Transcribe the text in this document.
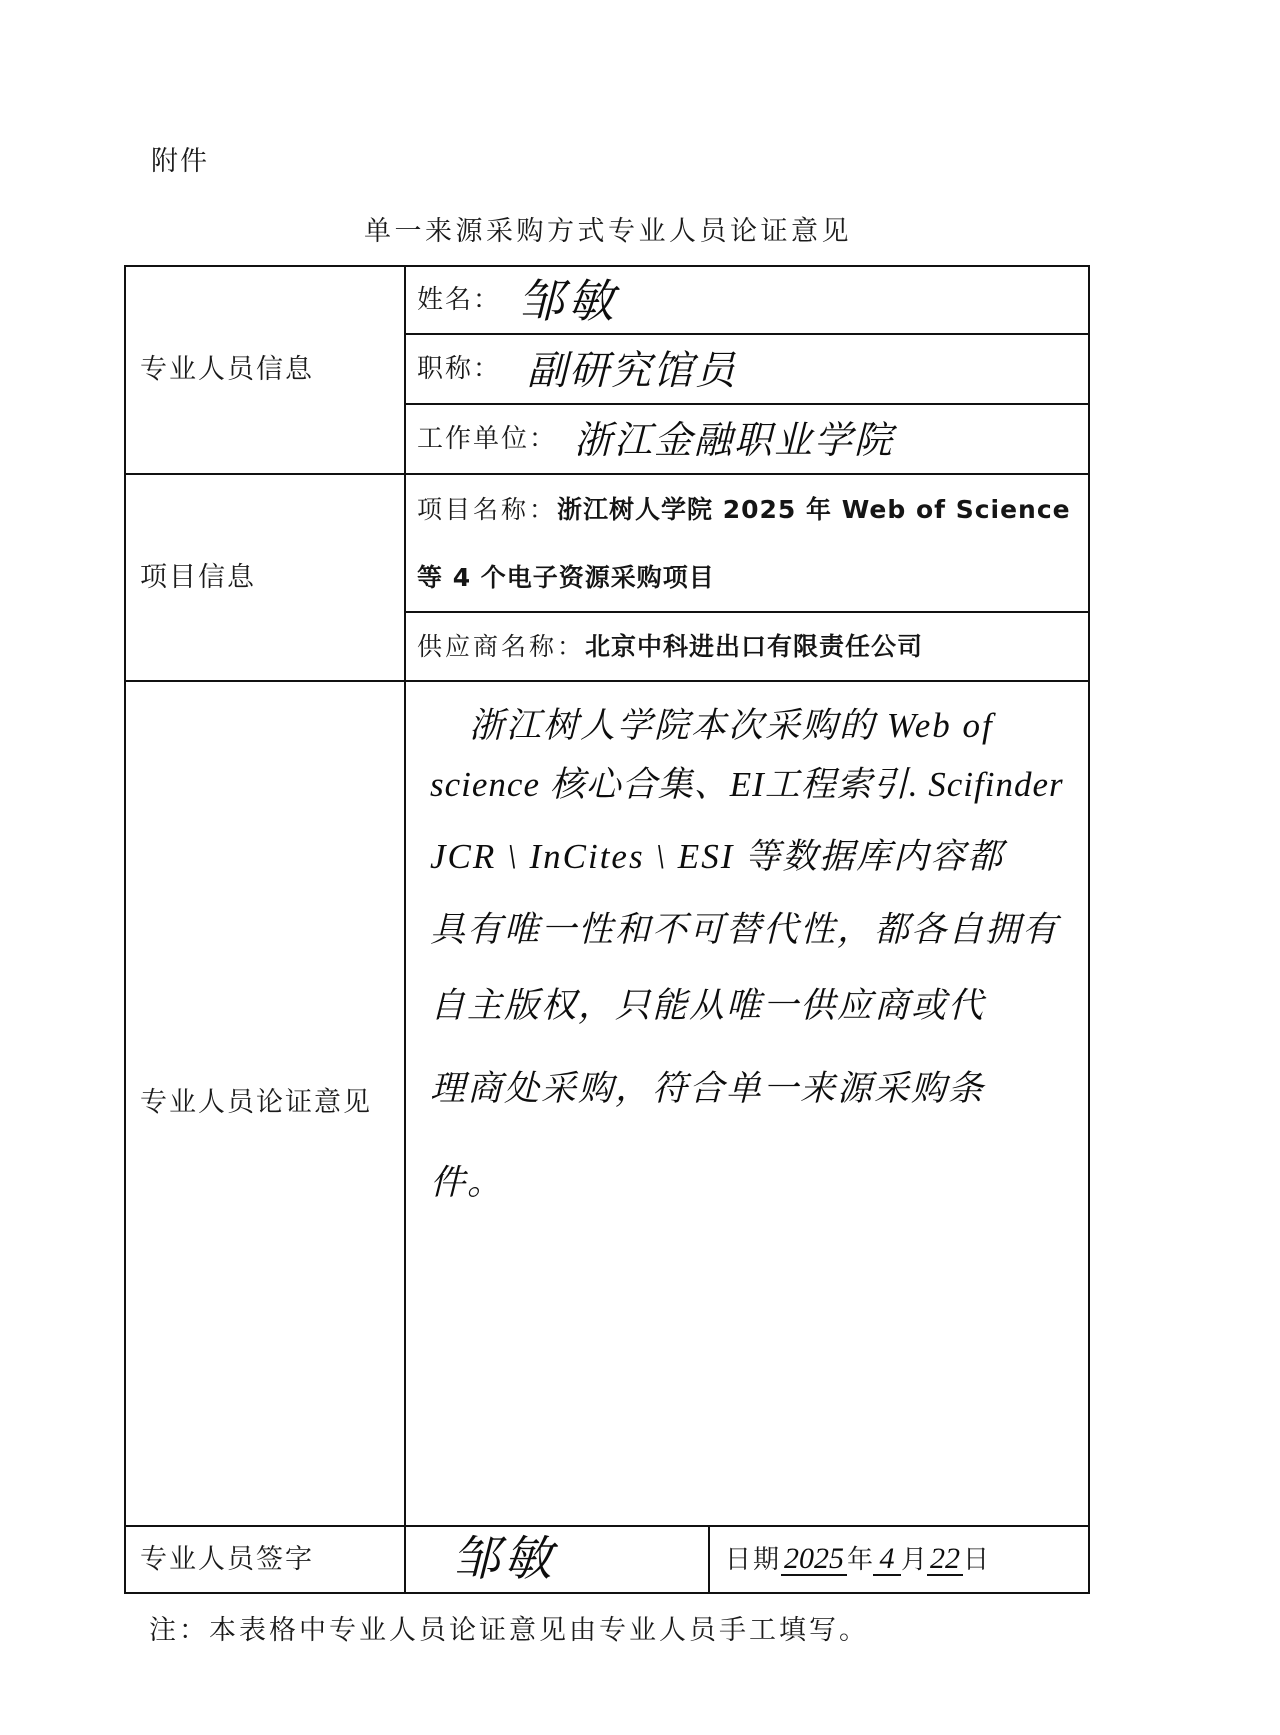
附件
单一来源采购方式专业人员论证意见
专业人员信息
姓名： 邹敏
职称： 副研究馆员
工作单位： 浙江金融职业学院
项目信息
项目名称：浙江树人学院 2025 年 Web of Science
等 4 个电子资源采购项目
供应商名称：北京中科进出口有限责任公司
专业人员论证意见
浙江树人学院本次采购的 Web of
science 核心合集、EI工程索引. Scifinder
JCR \ InCites \ ESI 等数据库内容都
具有唯一性和不可替代性，都各自拥有
自主版权，只能从唯一供应商或代
理商处采购，符合单一来源采购条
件。
专业人员签字	邹敏	日期 2025 年 4 月 22 日
注：本表格中专业人员论证意见由专业人员手工填写。
